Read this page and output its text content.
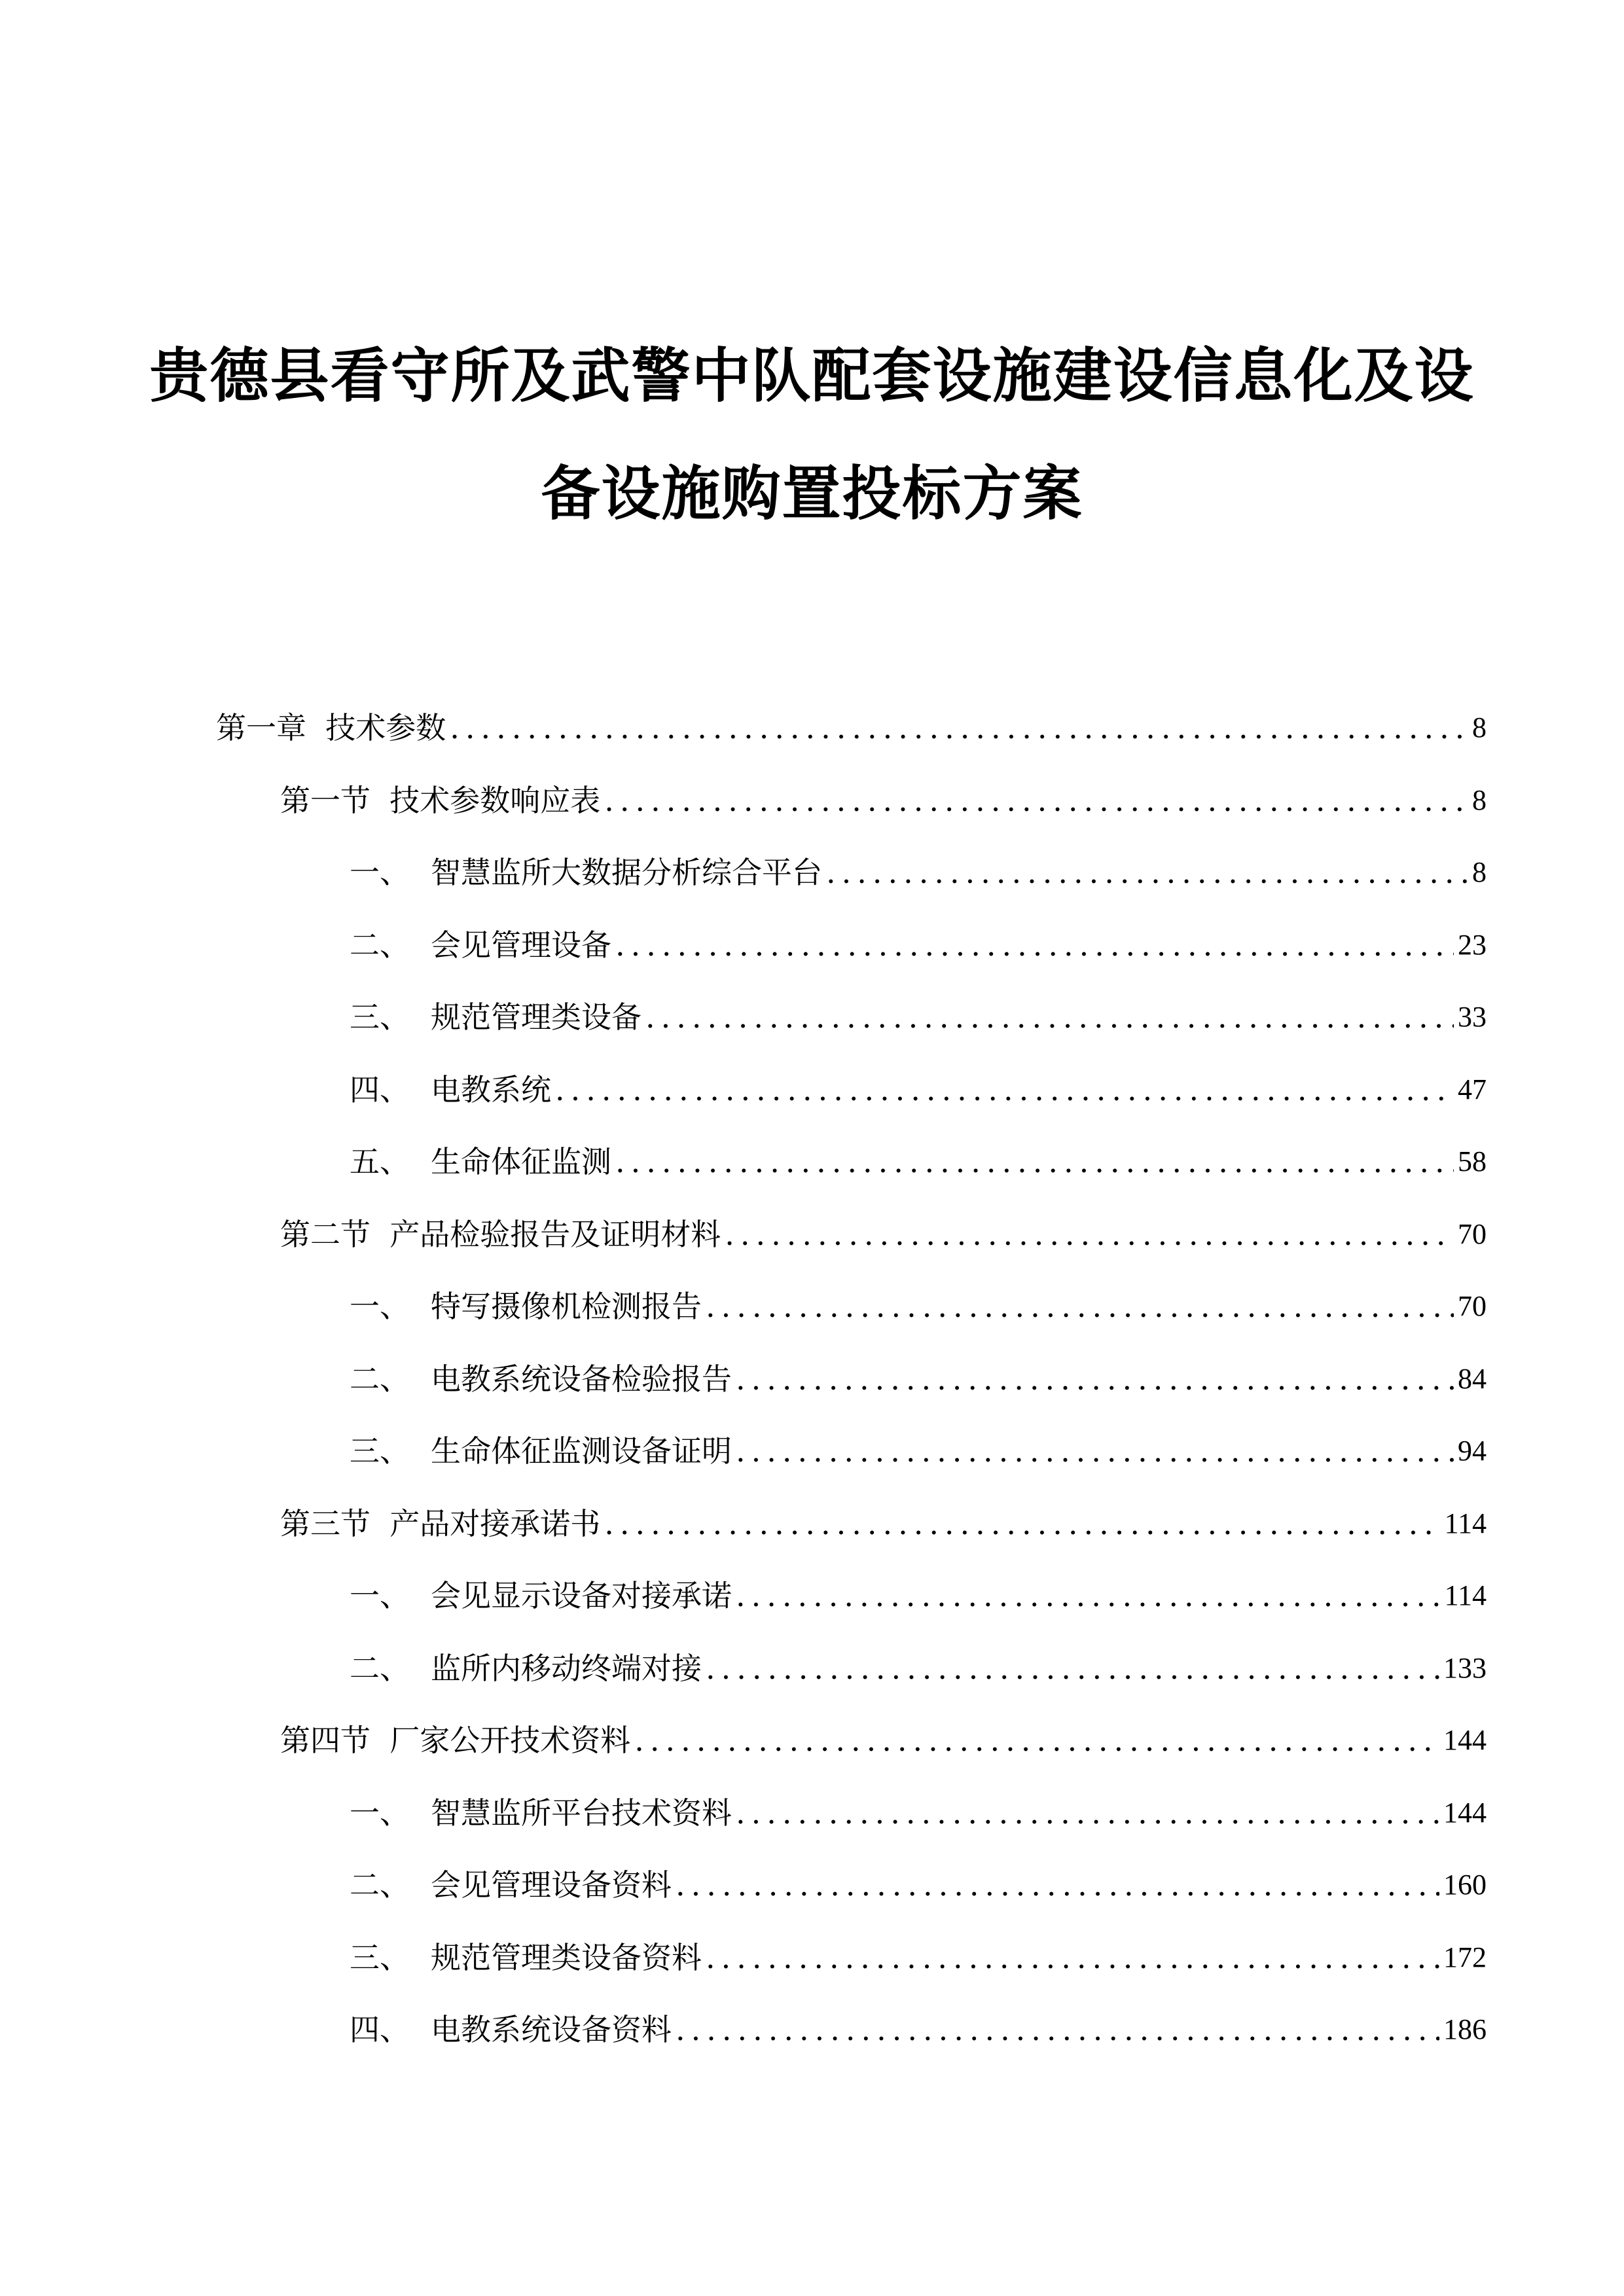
贵德县看守所及武警中队配套设施建设信息化及设
备设施购置投标方案
第一章  技术参数 .....	8
第一节  技术参数响应表 .....	8
一、 智慧监所大数据分析综合平台 .....	8
二、 会见管理设备 .....	23
三、 规范管理类设备 .....	33
四、 电教系统 .....	47
五、 生命体征监测 .....	58
第二节  产品检验报告及证明材料 .....	70
一、 特写摄像机检测报告 .....	70
二、 电教系统设备检验报告 .....	84
三、 生命体征监测设备证明 .....	94
第三节  产品对接承诺书 .....	114
一、 会见显示设备对接承诺 .....	114
二、 监所内移动终端对接 .....	133
第四节  厂家公开技术资料 .....	144
一、 智慧监所平台技术资料 .....	144
二、 会见管理设备资料 .....	160
三、 规范管理类设备资料 .....	172
四、 电教系统设备资料 .....	186
